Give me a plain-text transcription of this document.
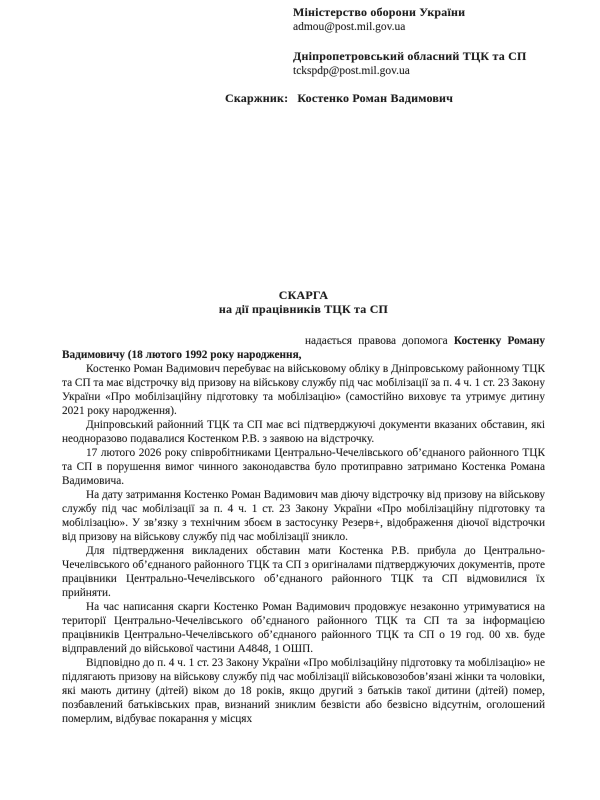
Міністерство оборони України
admou@post.mil.gov.ua
Дніпропетровський обласний ТЦК та СП
tckspdp@post.mil.gov.ua
Скаржник: Костенко Роман Вадимович
СКАРГА
на дії працівників ТЦК та СП

надається правова допомога Костенку Роману Вадимовичу (18 лютого 1992 року народження,

Костенко Роман Вадимович перебуває на військовому обліку в Дніпровському районному ТЦК та СП та має відстрочку від призову на військову службу під час мобілізації за п. 4 ч. 1 ст. 23 Закону України «Про мобілізаційну підготовку та мобілізацію» (самостійно виховує та утримує дитину 2021 року народження).

Дніпровський районний ТЦК та СП має всі підтверджуючі документи вказаних обставин, які неодноразово подавалися Костенком Р.В. з заявою на відстрочку.

17 лютого 2026 року співробітниками Центрально-Чечелівського об’єднаного районного ТЦК та СП в порушення вимог чинного законодавства було протиправно затримано Костенка Романа Вадимовича.

На дату затримання Костенко Роман Вадимович мав діючу відстрочку від призову на військову службу під час мобілізації за п. 4 ч. 1 ст. 23 Закону України «Про мобілізаційну підготовку та мобілізацію». У зв’язку з технічним збоєм в застосунку Резерв+, відображення діючої відстрочки від призову на військову службу під час мобілізації зникло.

Для підтвердження викладених обставин мати Костенка Р.В. прибула до Центрально-Чечелівського об’єднаного районного ТЦК та СП з оригіналами підтверджуючих документів, проте працівники Центрально-Чечелівського об’єднаного районного ТЦК та СП відмовилися їх прийняти.

На час написання скарги Костенко Роман Вадимович продовжує незаконно утримуватися на території Центрально-Чечелівського об’єднаного районного ТЦК та СП та за інформацією працівників Центрально-Чечелівського об’єднаного районного ТЦК та СП о 19 год. 00 хв. буде відправлений до військової частини А4848, 1 ОШП.

Відповідно до п. 4 ч. 1 ст. 23 Закону України «Про мобілізаційну підготовку та мобілізацію» не підлягають призову на військову службу під час мобілізації військовозобов’язані жінки та чоловіки, які мають дитину (дітей) віком до 18 років, якщо другий з батьків такої дитини (дітей) помер, позбавлений батьківських прав, визнаний зниклим безвісти або безвісно відсутнім, оголошений померлим, відбуває покарання у місцях
